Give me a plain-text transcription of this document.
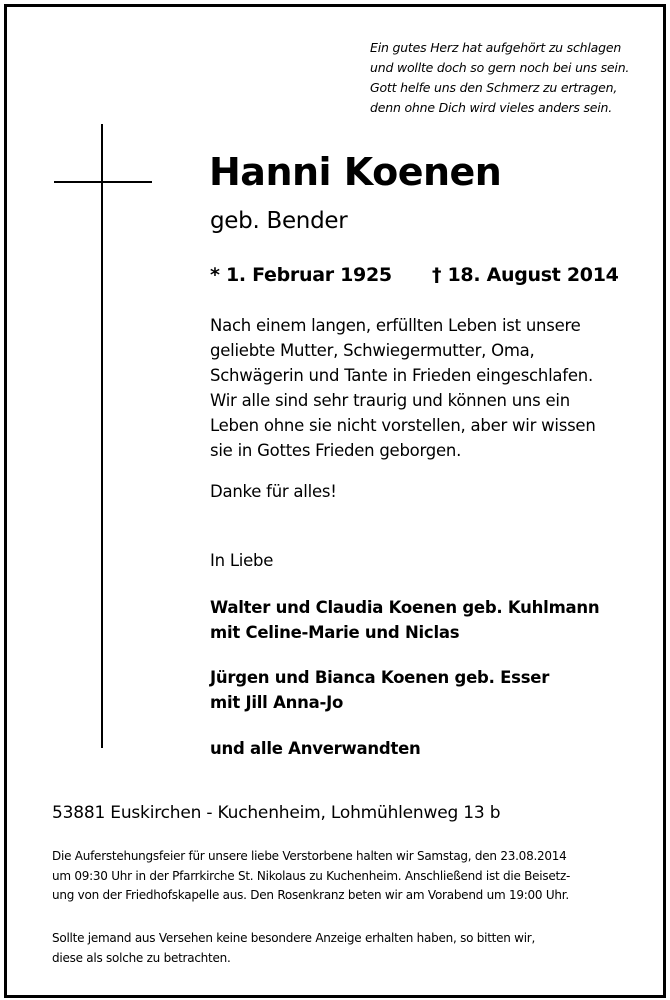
Ein gutes Herz hat aufgehört zu schlagen
und wollte doch so gern noch bei uns sein.
Gott helfe uns den Schmerz zu ertragen,
denn ohne Dich wird vieles anders sein.
Hanni Koenen
geb. Bender
* 1. Februar 1925 † 18. August 2014
Nach einem langen, erfüllten Leben ist unsere
geliebte Mutter, Schwiegermutter, Oma,
Schwägerin und Tante in Frieden eingeschlafen.
Wir alle sind sehr traurig und können uns ein
Leben ohne sie nicht vorstellen, aber wir wissen
sie in Gottes Frieden geborgen.
Danke für alles!
In Liebe
Walter und Claudia Koenen geb. Kuhlmann
mit Celine-Marie und Niclas
Jürgen und Bianca Koenen geb. Esser
mit Jill Anna-Jo
und alle Anverwandten
53881 Euskirchen - Kuchenheim, Lohmühlenweg 13 b
Die Auferstehungsfeier für unsere liebe Verstorbene halten wir Samstag, den 23.08.2014
um 09:30 Uhr in der Pfarrkirche St. Nikolaus zu Kuchenheim. Anschließend ist die Beisetz-
ung von der Friedhofskapelle aus. Den Rosenkranz beten wir am Vorabend um 19:00 Uhr.
Sollte jemand aus Versehen keine besondere Anzeige erhalten haben, so bitten wir,
diese als solche zu betrachten.
